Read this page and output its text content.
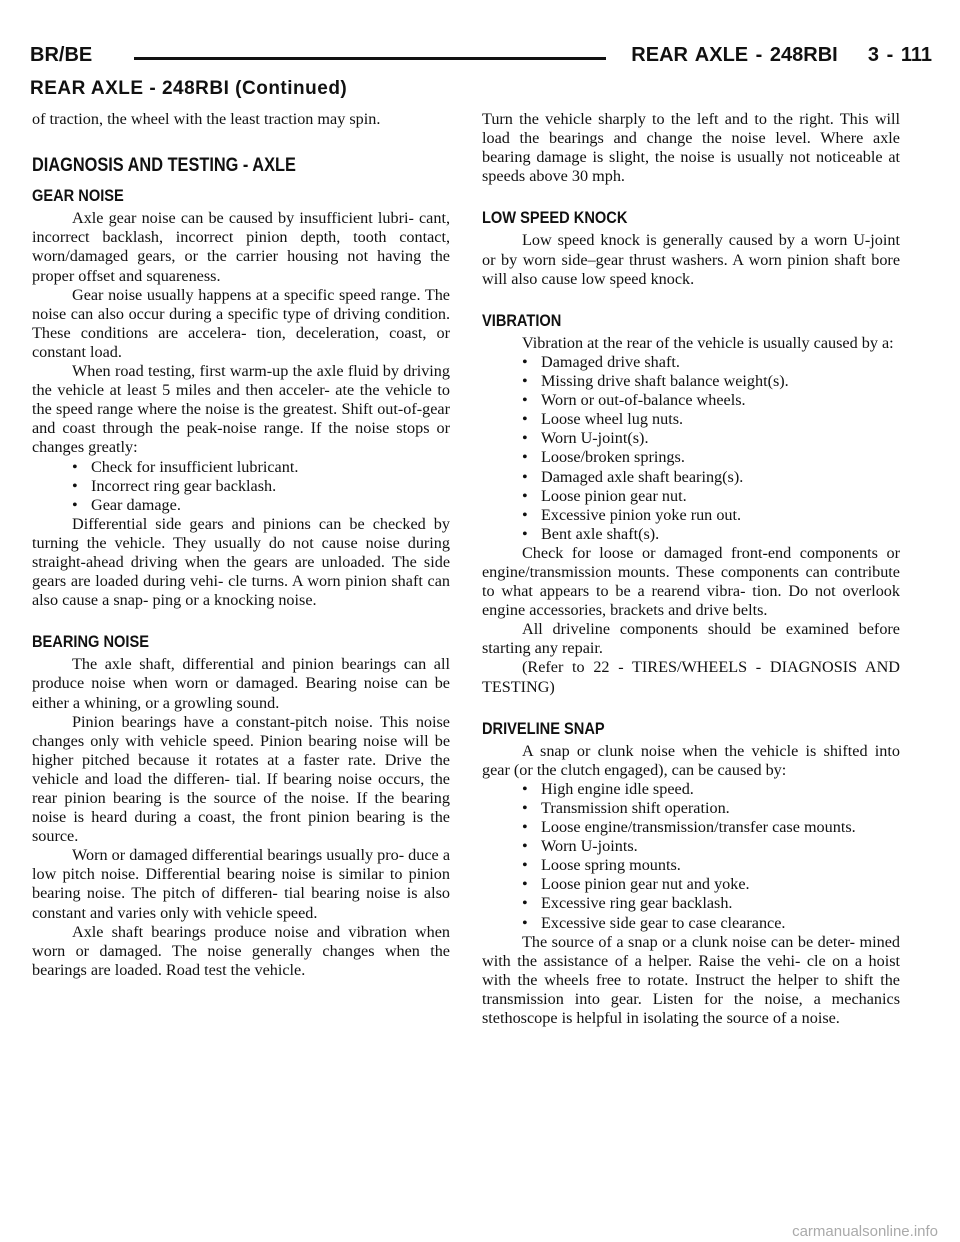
BR/BE	REAR AXLE - 248RBI    3 - 111
REAR AXLE - 248RBI (Continued)

of traction, the wheel with the least traction may spin.

DIAGNOSIS AND TESTING - AXLE
GEAR NOISE

Axle gear noise can be caused by insufficient lubri- cant, incorrect backlash, incorrect pinion depth, tooth contact, worn/damaged gears, or the carrier housing not having the proper offset and squareness.

Gear noise usually happens at a specific speed range. The noise can also occur during a specific type of driving condition. These conditions are accelera- tion, deceleration, coast, or constant load.

When road testing, first warm-up the axle fluid by driving the vehicle at least 5 miles and then acceler- ate the vehicle to the speed range where the noise is the greatest. Shift out-of-gear and coast through the peak-noise range. If the noise stops or changes greatly:

• Check for insufficient lubricant.
• Incorrect ring gear backlash.
• Gear damage.

Differential side gears and pinions can be checked by turning the vehicle. They usually do not cause noise during straight-ahead driving when the gears are unloaded. The side gears are loaded during vehi- cle turns. A worn pinion shaft can also cause a snap- ping or a knocking noise.

BEARING NOISE

The axle shaft, differential and pinion bearings can all produce noise when worn or damaged. Bearing noise can be either a whining, or a growling sound.

Pinion bearings have a constant-pitch noise. This noise changes only with vehicle speed. Pinion bearing noise will be higher pitched because it rotates at a faster rate. Drive the vehicle and load the differen- tial. If bearing noise occurs, the rear pinion bearing is the source of the noise. If the bearing noise is heard during a coast, the front pinion bearing is the source.

Worn or damaged differential bearings usually pro- duce a low pitch noise. Differential bearing noise is similar to pinion bearing noise. The pitch of differen- tial bearing noise is also constant and varies only with vehicle speed.

Axle shaft bearings produce noise and vibration when worn or damaged. The noise generally changes when the bearings are loaded. Road test the vehicle.

Turn the vehicle sharply to the left and to the right. This will load the bearings and change the noise level. Where axle bearing damage is slight, the noise is usually not noticeable at speeds above 30 mph.

LOW SPEED KNOCK

Low speed knock is generally caused by a worn U-joint or by worn side–gear thrust washers. A worn pinion shaft bore will also cause low speed knock.

VIBRATION

Vibration at the rear of the vehicle is usually caused by a:

• Damaged drive shaft.
• Missing drive shaft balance weight(s).
• Worn or out-of-balance wheels.
• Loose wheel lug nuts.
• Worn U-joint(s).
• Loose/broken springs.
• Damaged axle shaft bearing(s).
• Loose pinion gear nut.
• Excessive pinion yoke run out.
• Bent axle shaft(s).

Check for loose or damaged front-end components or engine/transmission mounts. These components can contribute to what appears to be a rearend vibra- tion. Do not overlook engine accessories, brackets and drive belts.

All driveline components should be examined before starting any repair.

(Refer to 22 - TIRES/WHEELS - DIAGNOSIS AND TESTING)

DRIVELINE SNAP

A snap or clunk noise when the vehicle is shifted into gear (or the clutch engaged), can be caused by:

• High engine idle speed.
• Transmission shift operation.
• Loose engine/transmission/transfer case mounts.
• Worn U-joints.
• Loose spring mounts.
• Loose pinion gear nut and yoke.
• Excessive ring gear backlash.
• Excessive side gear to case clearance.

The source of a snap or a clunk noise can be deter- mined with the assistance of a helper. Raise the vehi- cle on a hoist with the wheels free to rotate. Instruct the helper to shift the transmission into gear. Listen for the noise, a mechanics stethoscope is helpful in isolating the source of a noise.

carmanualsonline.info
